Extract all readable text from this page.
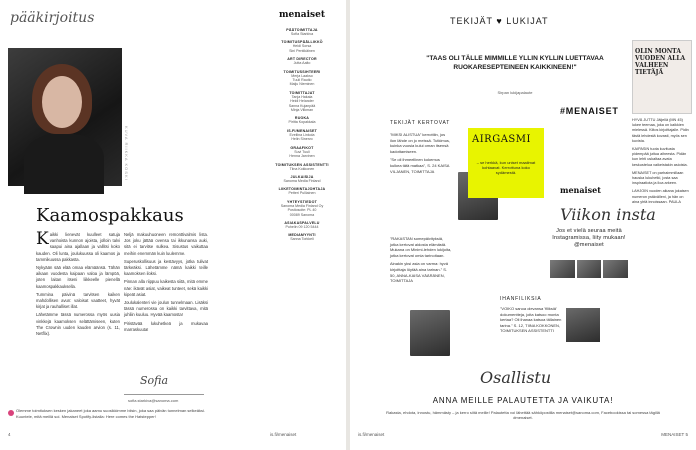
pääkirjoitus
KUVA RIIKKA KOSKI
Kaamospakkaus

Kaikki lienevät kuulleet satuja vanhoista kunnon ajoista, jolloin talvi saapui aina ajallaan ja vallitsi koko kauden. Oli lunta, joulukuussa oli kaamos ja tammikuussa pakkasta.

Nykyään sää elää omaa elämäänsä. Tähän aikaan vuodesta kaipaan valoa ja lämpöä, joten laitan itseni liikkeelle pienellä kaamospakkauksella.

Tummina päivinä tarvitsen kaiken mahdollisen avun: valoisat vaatteet, hyvät kirjat ja rauhalliset illat.

Lähetämme tässä numerossa myös uusia vinkkejä kaamoksen selättämiseen, kuten The Crownin uuden kauden arvion (s. 11, Netflix).

Neljä makuuhuoneen remonttivalmis lista. Jos joku jättää ovensa tai ikkunansa auki, sitä ei tarvitse sulkea. Sisustus vaikuttaa meihin enemmän kuin luulemme.

Superuskollisuus ja kestävyys, jotka tulivat tärkeäksi. Lähetämme nämä kaikki teille kaamoksen iloksi.

Pinnan alla riippuu kaikesta siitä, mitä emme näe: ikävät asiat, vaikeat tunteet, sekä kaikki kipeät asiat.

Joulukalenteri vie joulun tunnelmaan. Lisäksi tässä numerossa on kaikki tarvittava, mitä juhliin kuuluu. Hyvää kaamosta!

Piristävää lukuhetkeä ja mukavaa marraskuuta!

Sofia
sofia.starkiva@sanoma.com
Olemme toimituksen kesken jakaneet joka aamu suosikkimme biisin, joka saa päivän tunnelman selkeäksi. Kuuntele, mitä meillä soi. Menaiset Spotify-listalla: Here comes the Hatstepper!
4
menaiset
PÄÄTOIMITTAJA
Sofia Starkiva
TOIMITUSPÄÄLLIKKÖ
Heidi Sorsa
Sini Pentikäinen
ART DIRECTOR
Jutta Aalto
TOIMITUSSIHTEERI
Merja Laakso
Tuuli Rautio
Maiju Nieminen
TOIMITTAJAT
Tanja Hakala
Heidi Helander
Sanna Kujanpää
Minja Vilkman
RUOKA
Piritta Kopakkala
IS.FI/MENAISET
Eveliina Linkola
Helin Sinervo
GRAAFIKOT
Suvi Tuuli
Henna Jarvinen
TOIMITUKSEN ASSISTENTTI
Tiina Kokkonen
JULKAISIJA
Sanoma Media Finland
LIIKETOIMINTAJOHTAJA
Petteri Pulliainen
YHTEYSTIEDOT
Sanoma Media Finland Oy
Postiosoite: PL 40
00089 Sanoma
ASIAKASPALVELU
Puhelin 09 120 5444
MEDIAMYYNTI
Sanna Torkkeli
is.fi/menaiset
TEKIJÄT ♥ LUKIJAT
"TAAS OLI TÄLLE MIMMILLE YLLIN KYLLIN LUETTAVAA RUOKARESEPTEINEEN KAIKKINEEN!"
Sirpan lukijapalaute
TEKIJÄT KERTOVAT

"MIKSI ALISTUA" kerrottiin, jos ilon lähde on jo meissä. Tutkimus, kuinka vuosia kului oman itsensä kadottamiseen.

"Se oli ihmeellinen kokemus kulkea tätä matkaa", S. 24 KAISA VILJANEN, TOIMITTAJA

AIRGASMI
– se herkkä, kun uniset maailmat kohtaavat. Kerrottuna koko sydämestä.

"RAKASTAN somepäivityksiä, jotka kertovat aidosta elämästä. Mukana on Minimi-lehden lukijoita, jotka kertovat omia tarinoitaan.

Ainakin yksi asia on varma: hyvä kirjoittaja löytää aina tarinan." S. 50, ANNA-KAISA VÄÄRÄNEN, TOIMITTAJA

#MENAISET
OLIN MONTA VUODEN ALLA VALHEEN TIETÄJÄ

HYVÄ JUTTU Jäljellä (MN 45) lukee teemaa, joka on kaikkien mielessä. Kiitos kirjoittajalle. Pidin tästä lehdestä kovasti, myös sen kuvista.

KAIPASIN tuota kuvitusta pidempää juttua aiheesta. Pidän kun lehti uskaltaa avata keskustelua vaikeistakin asioista.

MENAISET on parhaimmillaan hauska lukuhetki, josta saa inspiraatiota ja iloa arkeen.

LAHJOIN vuoden aikana jokaisen numeron ystävälleni, ja hän on aina yhtä innoissaan. PAULA

menaiset
Viikon insta
Jos et vielä seuraa meitä Instagramissa, liity mukaan! @menaiset
IHANFILIKSIA
"VOIKO sanoa olevansa 'filiksiä' dokumentteja, joita katsoo monta kertaa? Oli ihanaa katsoa tällainen tarina." S. 12, TIINA KOKKONEN, TOIMITUKSEN ASSISTENTTI
Osallistu
ANNA MEILLE PALAUTETTA JA VAIKUTA!
Rakasta, ehdota, innostu, hämmästy – ja kerro siitä meille! Palautetta voi lähettää sähköpostilla menaiset@sanoma.com, Facebookissa tai somessa tägillä #menaiset.
is.fi/menaiset	MENAISET 5
